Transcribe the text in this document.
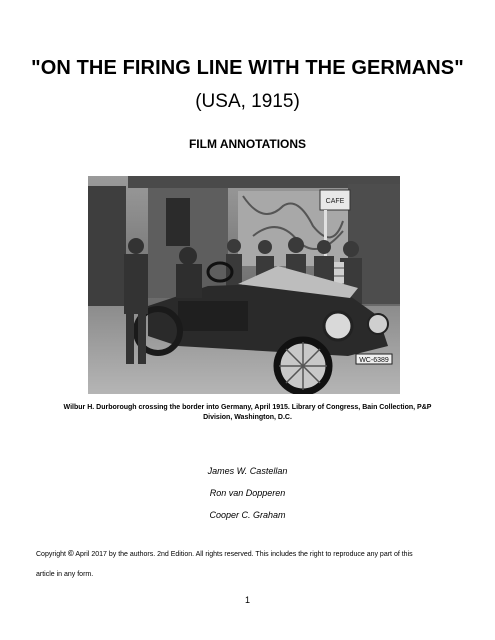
"ON THE FIRING LINE WITH THE GERMANS"
(USA, 1915)
FILM ANNOTATIONS
CAFE
WC-6389
Wilbur H. Durborough crossing the border into Germany, April 1915. Library of Congress, Bain Collection, P&P Division, Washington, D.C.
James W. Castellan
Ron van Dopperen
Cooper C. Graham
Copyright © April 2017 by the authors. 2nd Edition. All rights reserved. This includes the right to reproduce any part of this
article in any form.
1
